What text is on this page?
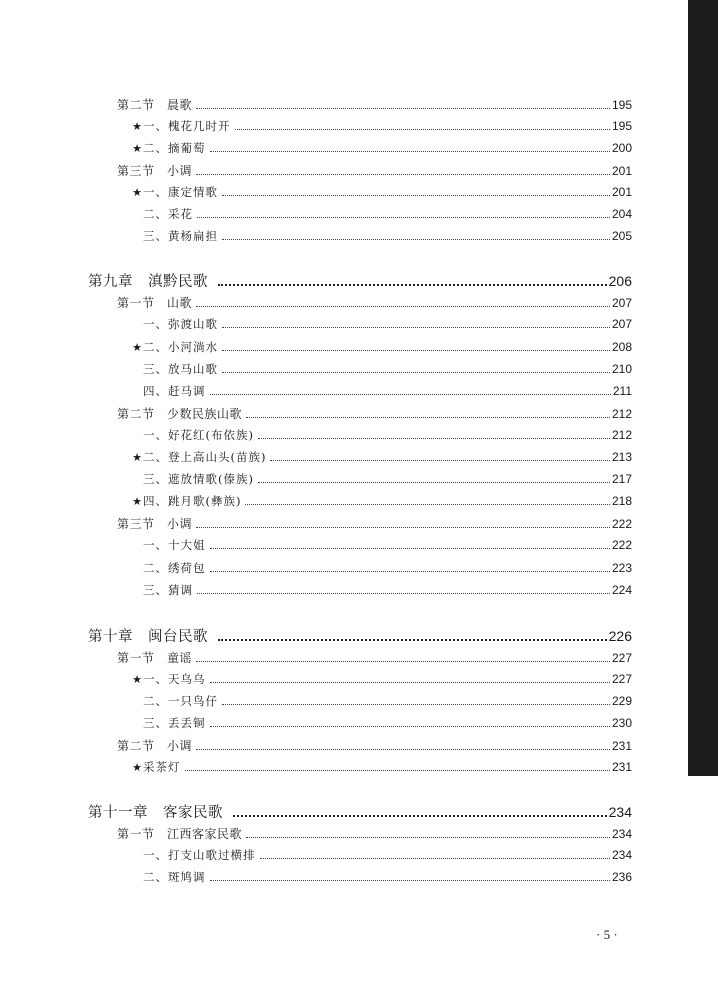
第二节　晨歌	195
★ 一、槐花几时开	195
★ 二、摘葡萄	200
第三节　小调	201
★ 一、康定情歌	201
二、采花	204
三、黄杨扁担	205
第九章　滇黔民歌	206
第一节　山歌	207
一、弥渡山歌	207
★ 二、小河淌水	208
三、放马山歌	210
四、赶马调	211
第二节　少数民族山歌	212
一、好花红(布依族)	212
★ 二、登上高山头(苗族)	213
三、遮放情歌(傣族)	217
★ 四、跳月歌(彝族)	218
第三节　小调	222
一、十大姐	222
二、绣荷包	223
三、猜调	224
第十章　闽台民歌	226
第一节　童谣	227
★ 一、天乌乌	227
二、一只鸟仔	229
三、丢丢铜	230
第二节　小调	231
★ 采茶灯	231
第十一章　客家民歌	234
第一节　江西客家民歌	234
一、打支山歌过横排	234
二、斑鸠调	236
· 5 ·
